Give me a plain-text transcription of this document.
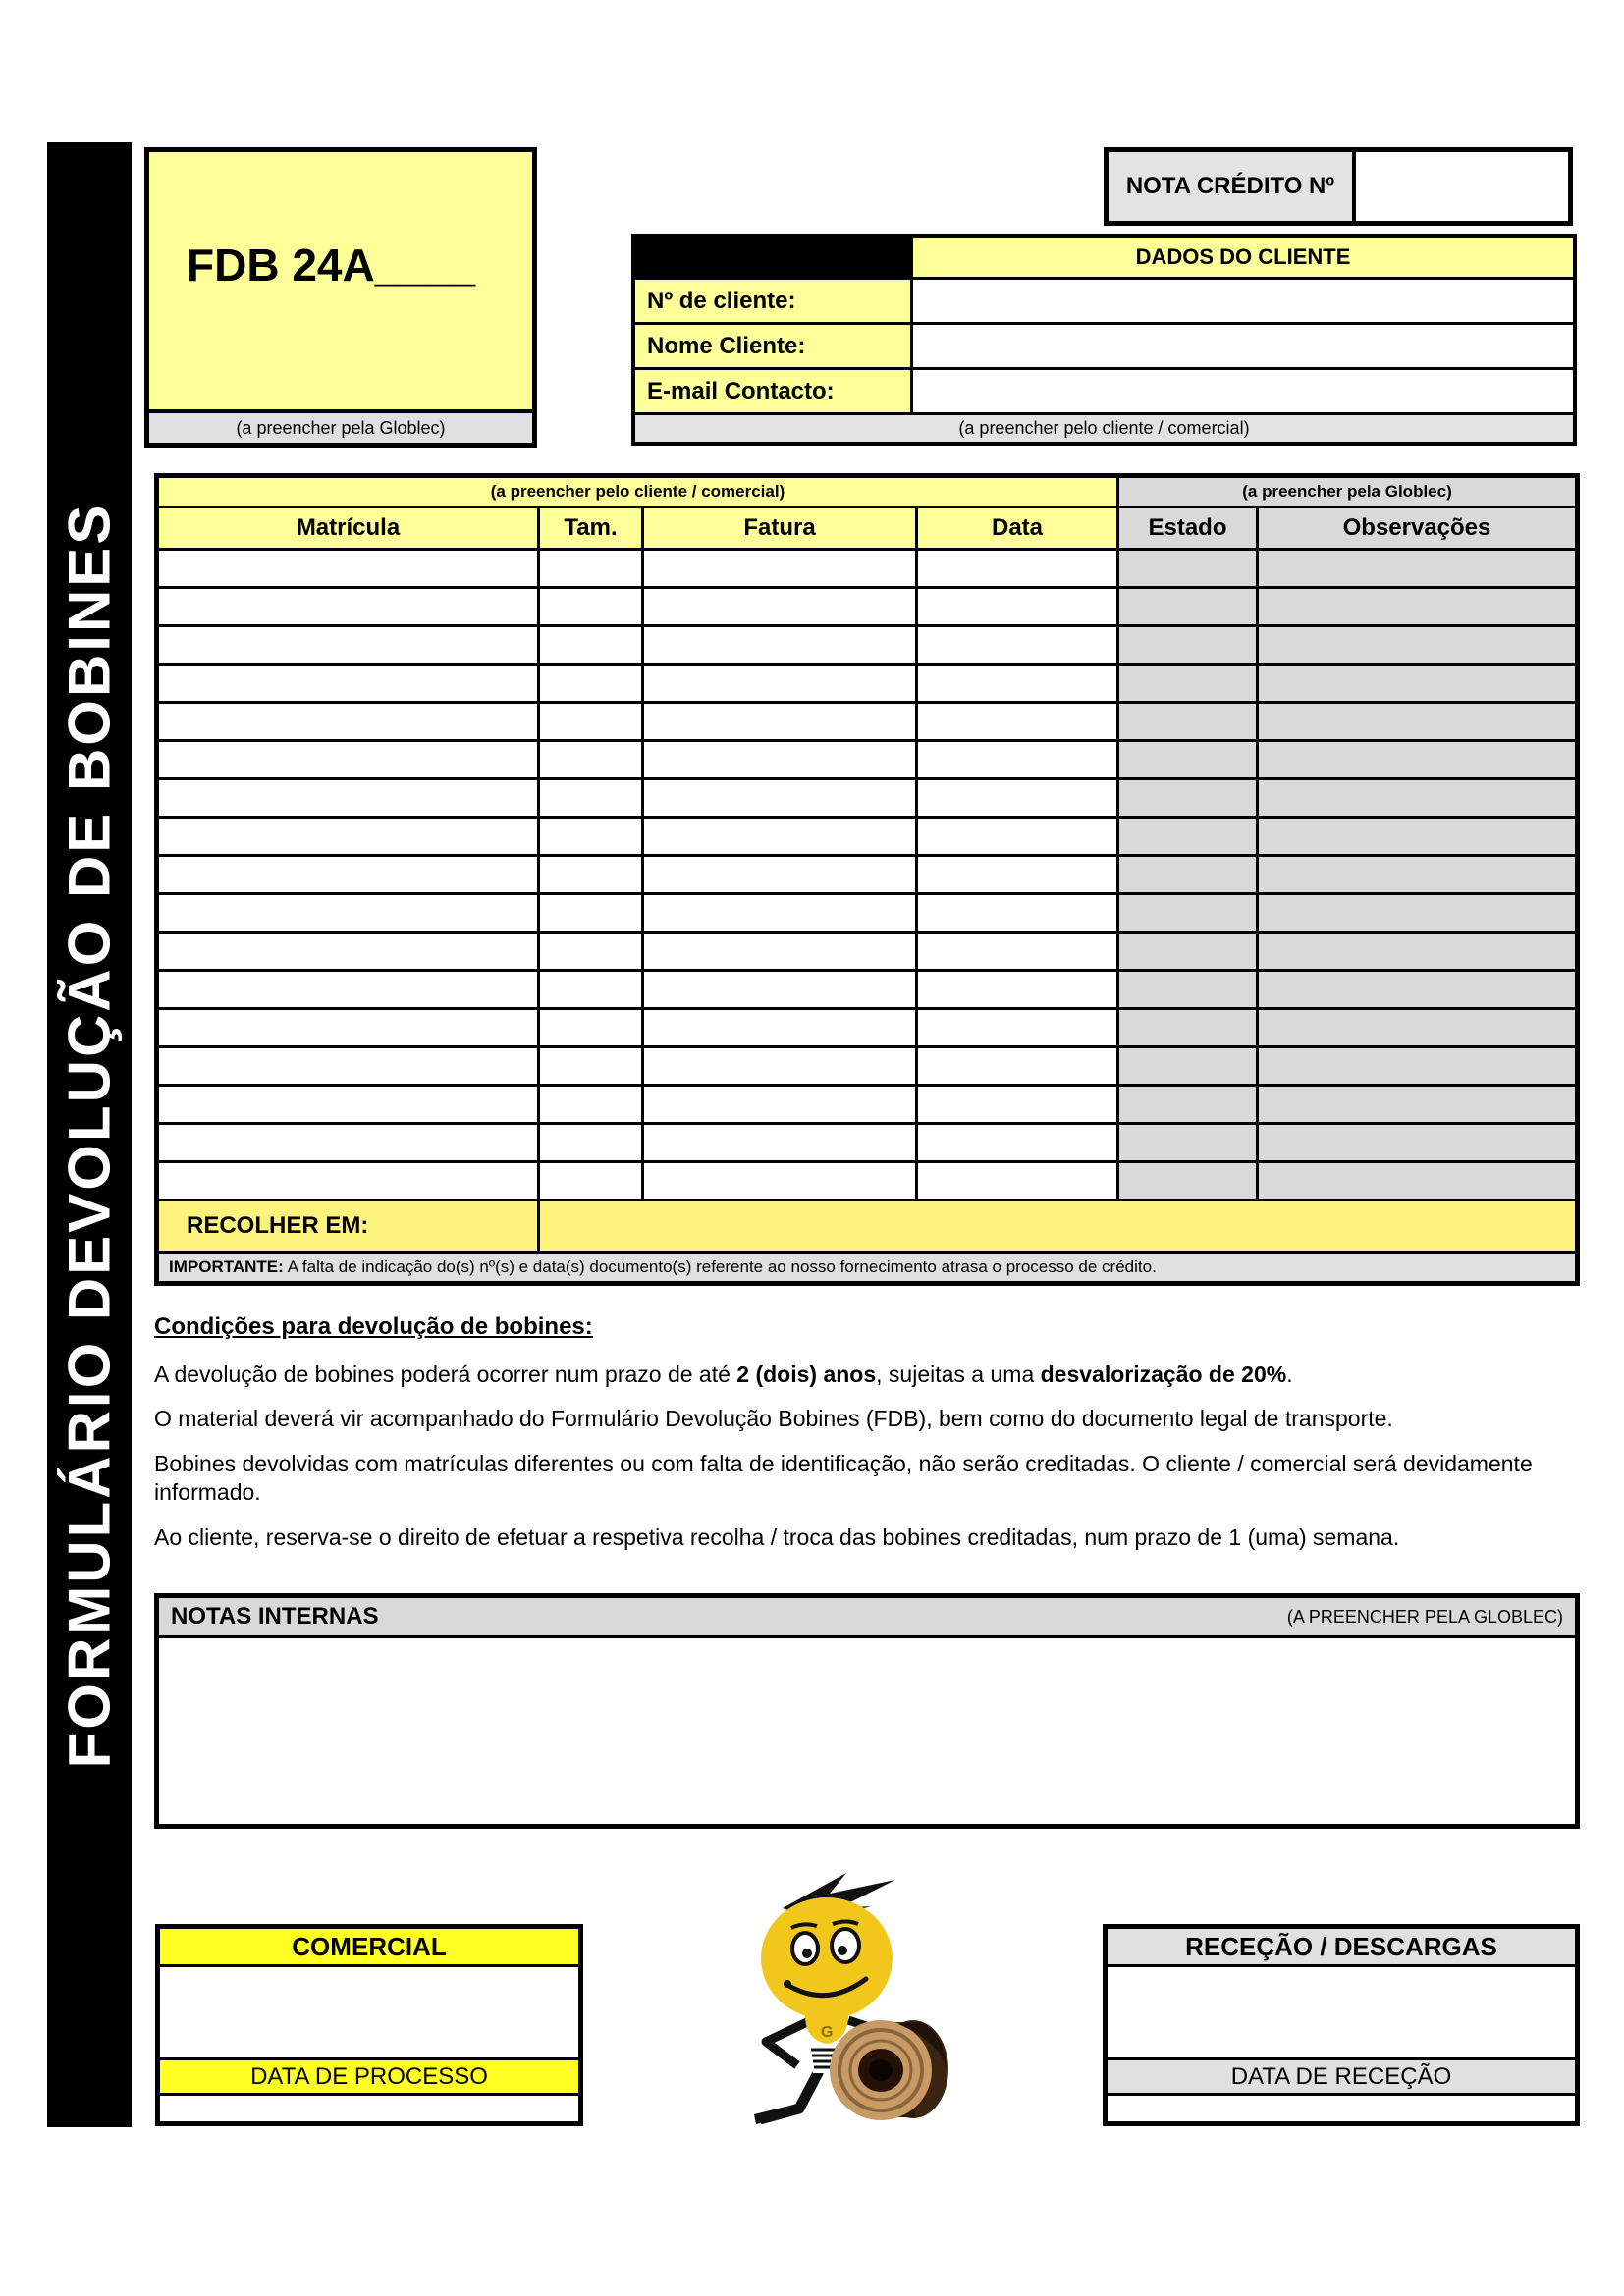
FORMULÁRIO DEVOLUÇÃO DE BOBINES
FDB 24A____
(a preencher pela Globlec)
NOTA CRÉDITO Nº
DADOS DO CLIENTE
Nº de cliente:
Nome Cliente:
E-mail Contacto:
(a preencher pelo cliente / comercial)
(a preencher pelo cliente / comercial)	(a preencher pela Globlec)
Matrícula	Tam.	Fatura	Data	Estado	Observações
RECOLHER EM:
IMPORTANTE: A falta de indicação do(s) nº(s) e data(s) documento(s) referente ao nosso fornecimento atrasa o processo de crédito.
Condições para devolução de bobines:

A devolução de bobines poderá ocorrer num prazo de até 2 (dois) anos, sujeitas a uma desvalorização de 20%.

O material deverá vir acompanhado do Formulário Devolução Bobines (FDB), bem como do documento legal de transporte.

Bobines devolvidas com matrículas diferentes ou com falta de identificação, não serão creditadas. O cliente / comercial será devidamente informado.

Ao cliente, reserva-se o direito de efetuar a respetiva recolha / troca das bobines creditadas, num prazo de 1 (uma) semana.

NOTAS INTERNAS	(A PREENCHER PELA GLOBLEC)
COMERCIAL
DATA DE PROCESSO
G
RECEÇÃO / DESCARGAS
DATA DE RECEÇÃO
